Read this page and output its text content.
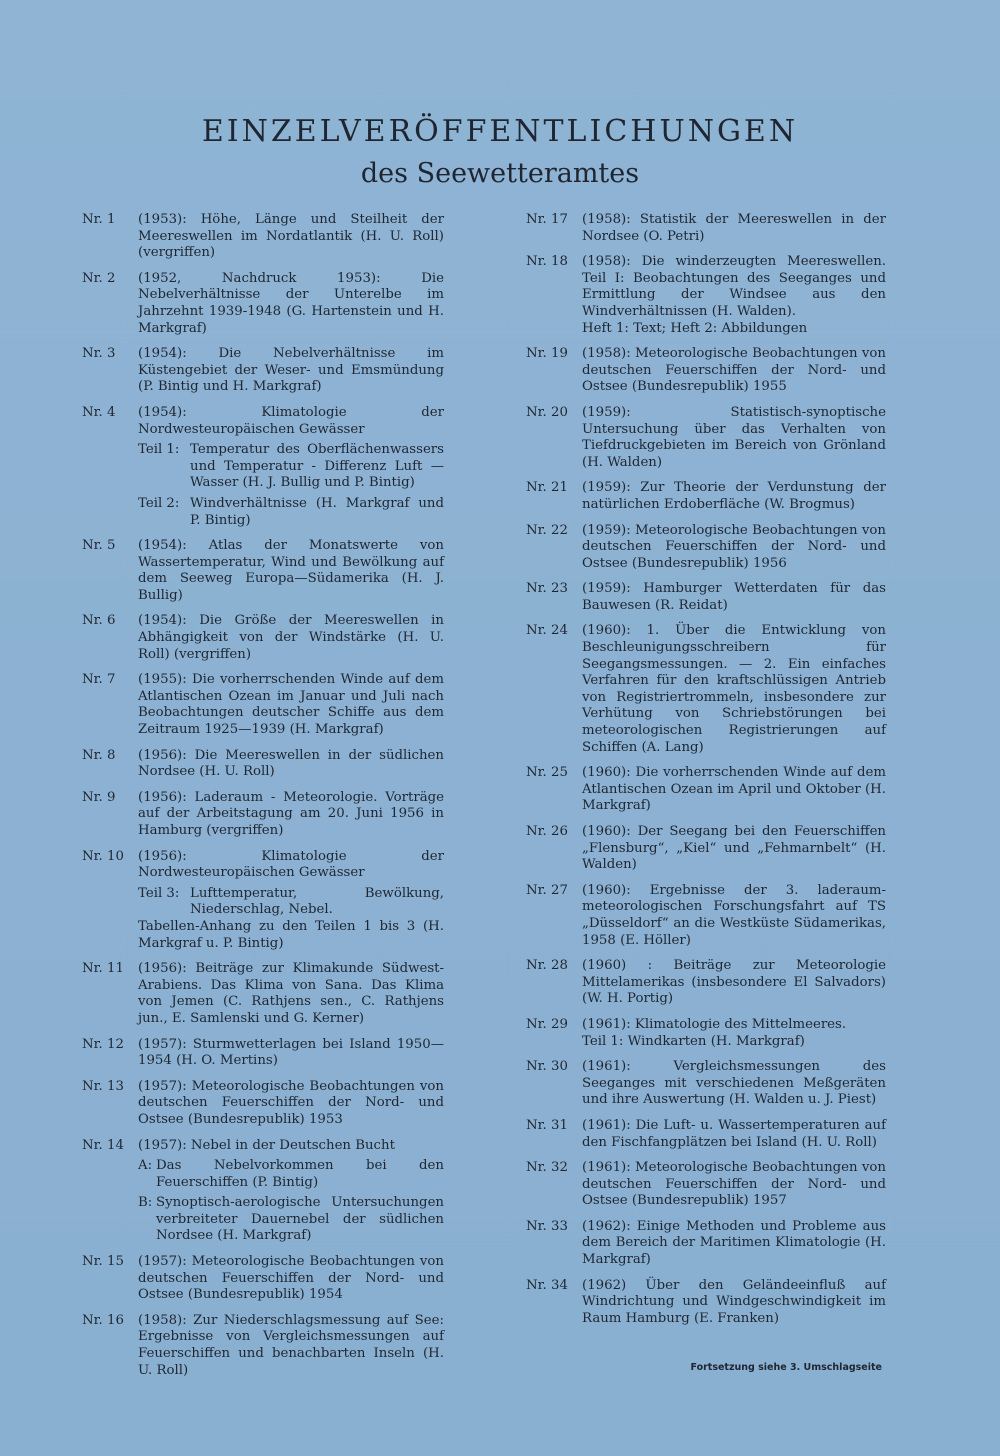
EINZELVERÖFFENTLICHUNGEN
des Seewetteramtes
Nr. 1	(1953): Höhe, Länge und Steilheit der Meereswellen im Nordatlantik (H. U. Roll) (vergriffen)
Nr. 2	(1952, Nachdruck 1953): Die Nebelverhältnisse der Unterelbe im Jahrzehnt 1939-1948 (G. Hartenstein und H. Markgraf)
Nr. 3	(1954): Die Nebelverhältnisse im Küstengebiet der Weser- und Emsmündung (P. Bintig und H. Markgraf)
Nr. 4	(1954): Klimatologie der Nordwesteuropäischen Gewässer
Teil 1: Temperatur des Oberflächenwassers und Temperatur - Differenz Luft — Wasser (H. J. Bullig und P. Bintig)
Teil 2: Windverhältnisse (H. Markgraf und P. Bintig)
Nr. 5	(1954): Atlas der Monatswerte von Wassertemperatur, Wind und Bewölkung auf dem Seeweg Europa—Südamerika (H. J. Bullig)
Nr. 6	(1954): Die Größe der Meereswellen in Abhängigkeit von der Windstärke (H. U. Roll) (vergriffen)
Nr. 7	(1955): Die vorherrschenden Winde auf dem Atlantischen Ozean im Januar und Juli nach Beobachtungen deutscher Schiffe aus dem Zeitraum 1925—1939 (H. Markgraf)
Nr. 8	(1956): Die Meereswellen in der südlichen Nordsee (H. U. Roll)
Nr. 9	(1956): Laderaum - Meteorologie. Vorträge auf der Arbeitstagung am 20. Juni 1956 in Hamburg (vergriffen)
Nr. 10	(1956): Klimatologie der Nordwesteuropäischen Gewässer
Teil 3: Lufttemperatur, Bewölkung, Niederschlag, Nebel.
Tabellen-Anhang zu den Teilen 1 bis 3 (H. Markgraf u. P. Bintig)
Nr. 11	(1956): Beiträge zur Klimakunde Südwest-Arabiens. Das Klima von Sana. Das Klima von Jemen (C. Rathjens sen., C. Rathjens jun., E. Samlenski und G. Kerner)
Nr. 12	(1957): Sturmwetterlagen bei Island 1950—1954 (H. O. Mertins)
Nr. 13	(1957): Meteorologische Beobachtungen von deutschen Feuerschiffen der Nord- und Ostsee (Bundesrepublik) 1953
Nr. 14	(1957): Nebel in der Deutschen Bucht
A: Das Nebelvorkommen bei den Feuerschiffen (P. Bintig)
B: Synoptisch-aerologische Untersuchungen verbreiteter Dauernebel der südlichen Nordsee (H. Markgraf)
Nr. 15	(1957): Meteorologische Beobachtungen von deutschen Feuerschiffen der Nord- und Ostsee (Bundesrepublik) 1954
Nr. 16	(1958): Zur Niederschlagsmessung auf See: Ergebnisse von Vergleichsmessungen auf Feuerschiffen und benachbarten Inseln (H. U. Roll)
Nr. 17	(1958): Statistik der Meereswellen in der Nordsee (O. Petri)
Nr. 18	(1958): Die winderzeugten Meereswellen. Teil I: Beobachtungen des Seeganges und Ermittlung der Windsee aus den Windverhältnissen (H. Walden).
Heft 1: Text; Heft 2: Abbildungen
Nr. 19	(1958): Meteorologische Beobachtungen von deutschen Feuerschiffen der Nord- und Ostsee (Bundesrepublik) 1955
Nr. 20	(1959): Statistisch-synoptische Untersuchung über das Verhalten von Tiefdruckgebieten im Bereich von Grönland (H. Walden)
Nr. 21	(1959): Zur Theorie der Verdunstung der natürlichen Erdoberfläche (W. Brogmus)
Nr. 22	(1959): Meteorologische Beobachtungen von deutschen Feuerschiffen der Nord- und Ostsee (Bundesrepublik) 1956
Nr. 23	(1959): Hamburger Wetterdaten für das Bauwesen (R. Reidat)
Nr. 24	(1960): 1. Über die Entwicklung von Beschleunigungsschreibern für Seegangsmessungen. — 2. Ein einfaches Verfahren für den kraftschlüssigen Antrieb von Registriertrommeln, insbesondere zur Verhütung von Schriebstörungen bei meteorologischen Registrierungen auf Schiffen (A. Lang)
Nr. 25	(1960): Die vorherrschenden Winde auf dem Atlantischen Ozean im April und Oktober (H. Markgraf)
Nr. 26	(1960): Der Seegang bei den Feuerschiffen „Flensburg“, „Kiel“ und „Fehmarnbelt“ (H. Walden)
Nr. 27	(1960): Ergebnisse der 3. laderaum-meteorologischen Forschungsfahrt auf TS „Düsseldorf“ an die Westküste Südamerikas, 1958 (E. Höller)
Nr. 28	(1960) : Beiträge zur Meteorologie Mittelamerikas (insbesondere El Salvadors) (W. H. Portig)
Nr. 29	(1961): Klimatologie des Mittelmeeres.
Teil 1: Windkarten (H. Markgraf)
Nr. 30	(1961): Vergleichsmessungen des Seeganges mit verschiedenen Meßgeräten und ihre Auswertung (H. Walden u. J. Piest)
Nr. 31	(1961): Die Luft- u. Wassertemperaturen auf den Fischfangplätzen bei Island (H. U. Roll)
Nr. 32	(1961): Meteorologische Beobachtungen von deutschen Feuerschiffen der Nord- und Ostsee (Bundesrepublik) 1957
Nr. 33	(1962): Einige Methoden und Probleme aus dem Bereich der Maritimen Klimatologie (H. Markgraf)
Nr. 34	(1962) Über den Geländeeinfluß auf Windrichtung und Windgeschwindigkeit im Raum Hamburg (E. Franken)
Fortsetzung siehe 3. Umschlagseite
